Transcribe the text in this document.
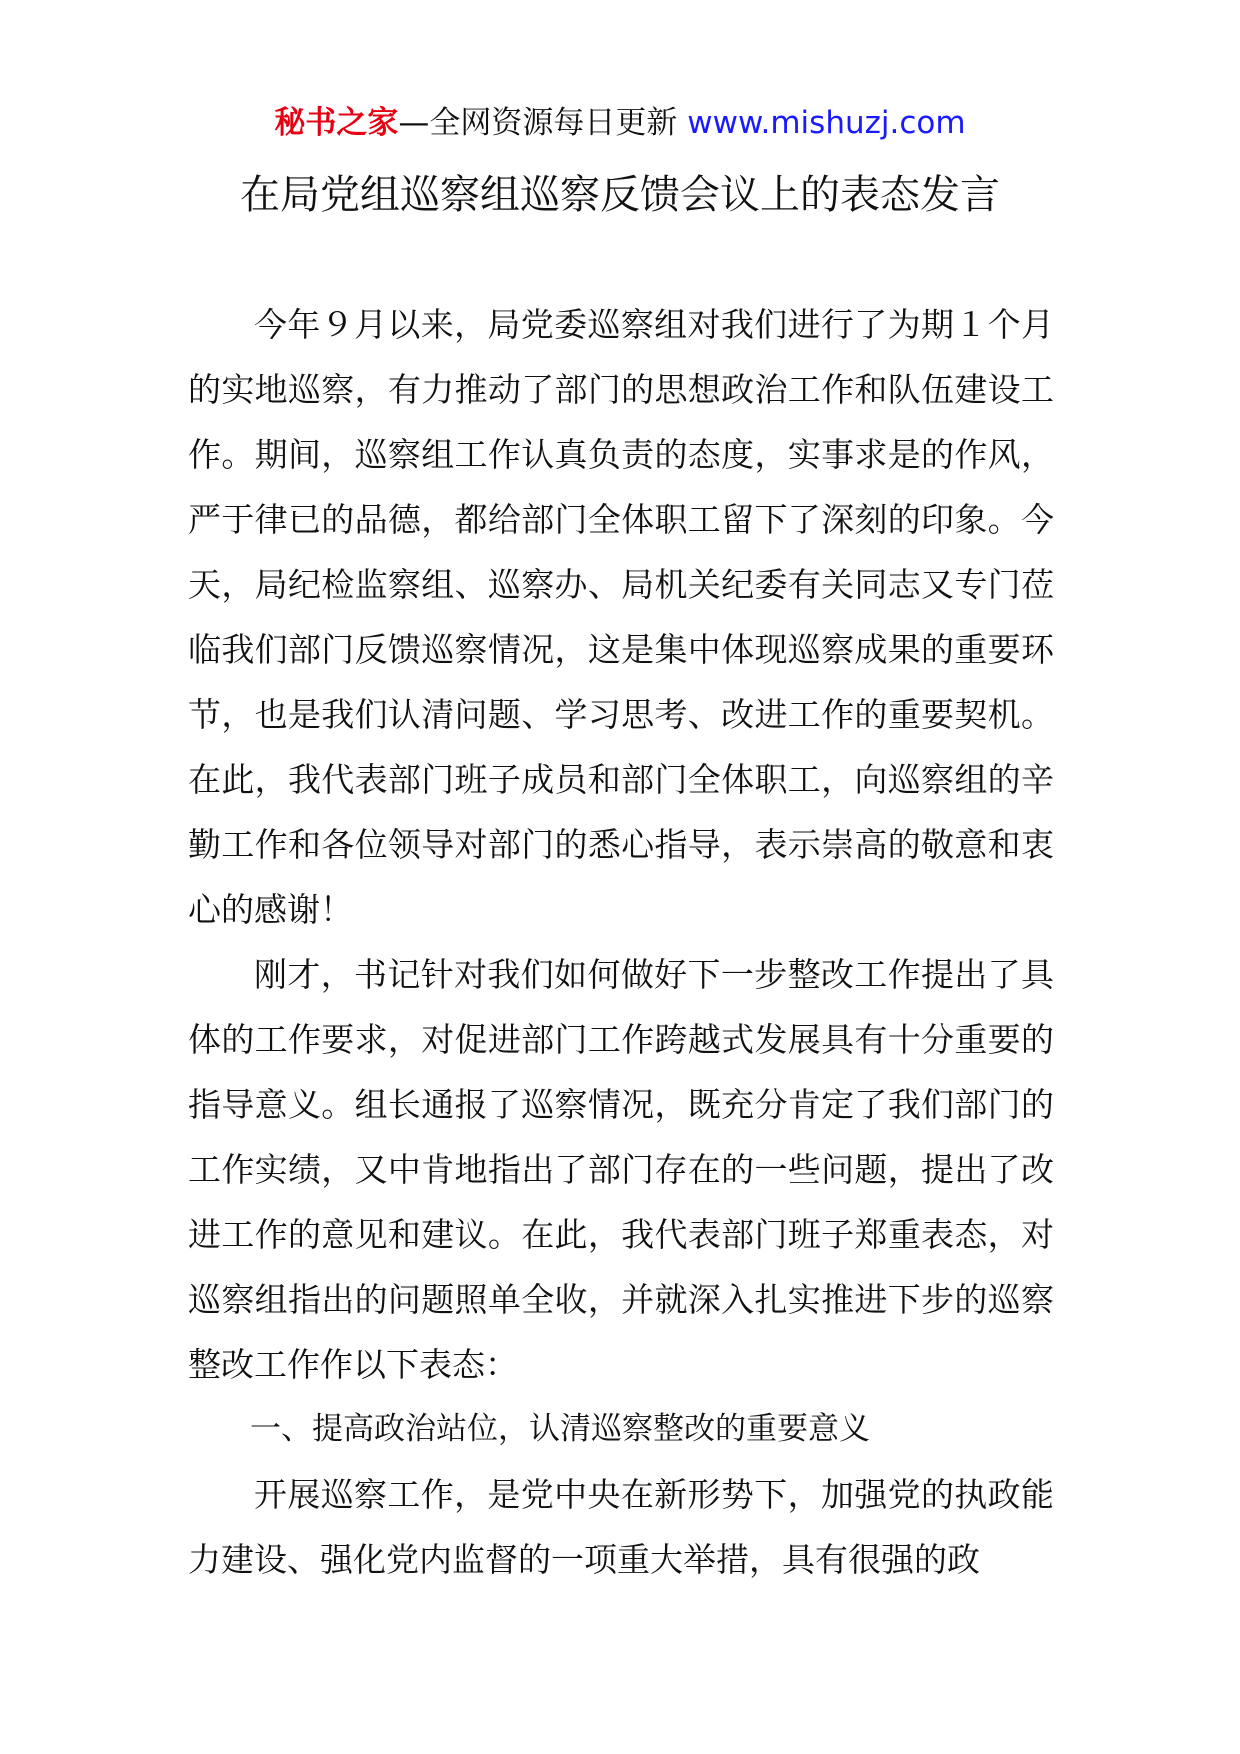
秘书之家—全网资源每日更新 www.mishuzj.com
在局党组巡察组巡察反馈会议上的表态发言

今年９月以来，局党委巡察组对我们进行了为期１个月的实地巡察，有力推动了部门的思想政治工作和队伍建设工作。期间，巡察组工作认真负责的态度，实事求是的作风，严于律已的品德，都给部门全体职工留下了深刻的印象。今天，局纪检监察组、巡察办、局机关纪委有关同志又专门莅临我们部门反馈巡察情况，这是集中体现巡察成果的重要环节，也是我们认清问题、学习思考、改进工作的重要契机。在此，我代表部门班子成员和部门全体职工，向巡察组的辛勤工作和各位领导对部门的悉心指导，表示崇高的敬意和衷心的感谢！

刚才，书记针对我们如何做好下一步整改工作提出了具体的工作要求，对促进部门工作跨越式发展具有十分重要的指导意义。组长通报了巡察情况，既充分肯定了我们部门的工作实绩，又中肯地指出了部门存在的一些问题，提出了改进工作的意见和建议。在此，我代表部门班子郑重表态，对巡察组指出的问题照单全收，并就深入扎实推进下步的巡察整改工作作以下表态：

一、提高政治站位，认清巡察整改的重要意义

开展巡察工作，是党中央在新形势下，加强党的执政能力建设、强化党内监督的一项重大举措，具有很强的政
